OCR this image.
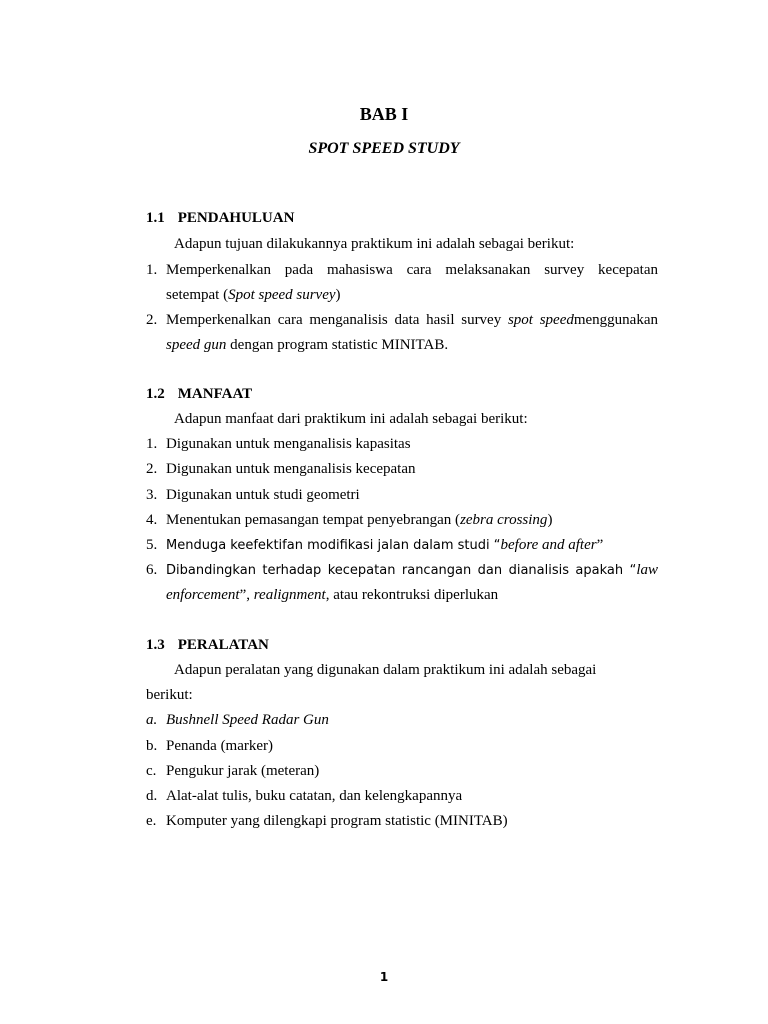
BAB I
SPOT SPEED STUDY
1.1 PENDAHULUAN
Adapun tujuan dilakukannya praktikum ini adalah sebagai berikut:
1. Memperkenalkan pada mahasiswa cara melaksanakan survey kecepatan
setempat (Spot speed survey)
2. Memperkenalkan cara menganalisis data hasil survey spot speedmenggunakan
speed gun dengan program statistic MINITAB.
1.2 MANFAAT
Adapun manfaat dari praktikum ini adalah sebagai berikut:
1. Digunakan untuk menganalisis kapasitas
2. Digunakan untuk menganalisis kecepatan
3. Digunakan untuk studi geometri
4. Menentukan pemasangan tempat penyebrangan (zebra crossing)
5. Menduga keefektifan modifikasi jalan dalam studi “before and after”
6. Dibandingkan terhadap kecepatan rancangan dan dianalisis apakah “law
enforcement”, realignment, atau rekontruksi diperlukan
1.3 PERALATAN
Adapun peralatan yang digunakan dalam praktikum ini adalah sebagai
berikut:
a. Bushnell Speed Radar Gun
b. Penanda (marker)
c. Pengukur jarak (meteran)
d. Alat-alat tulis, buku catatan, dan kelengkapannya
e. Komputer yang dilengkapi program statistic (MINITAB)
1
